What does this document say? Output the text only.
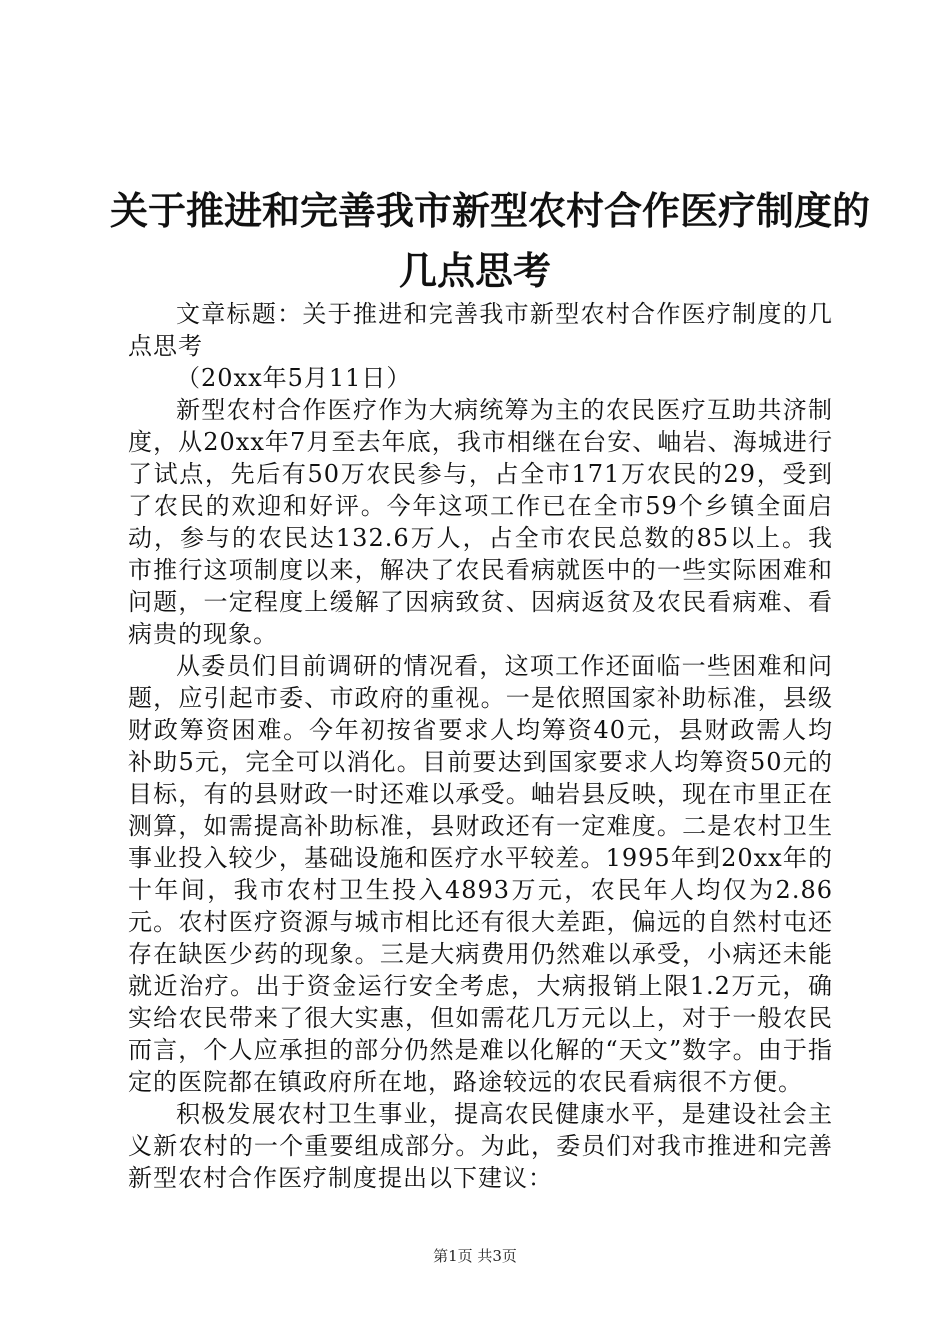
关于推进和完善我市新型农村合作医疗制度的
几点思考

文章标题：关于推进和完善我市新型农村合作医疗制度的几点思考

（20xx年5月11日）

新型农村合作医疗作为大病统筹为主的农民医疗互助共济制度，从20xx年7月至去年底，我市相继在台安、岫岩、海城进行了试点，先后有50万农民参与，占全市171万农民的29，受到了农民的欢迎和好评。今年这项工作已在全市59个乡镇全面启动，参与的农民达132.6万人，占全市农民总数的85以上。我市推行这项制度以来，解决了农民看病就医中的一些实际困难和问题，一定程度上缓解了因病致贫、因病返贫及农民看病难、看病贵的现象。

从委员们目前调研的情况看，这项工作还面临一些困难和问题，应引起市委、市政府的重视。一是依照国家补助标准，县级财政筹资困难。今年初按省要求人均筹资40元，县财政需人均补助5元，完全可以消化。目前要达到国家要求人均筹资50元的目标，有的县财政一时还难以承受。岫岩县反映，现在市里正在测算，如需提高补助标准，县财政还有一定难度。二是农村卫生事业投入较少，基础设施和医疗水平较差。1995年到20xx年的十年间，我市农村卫生投入4893万元，农民年人均仅为2.86元。农村医疗资源与城市相比还有很大差距，偏远的自然村屯还存在缺医少药的现象。三是大病费用仍然难以承受，小病还未能就近治疗。出于资金运行安全考虑，大病报销上限1.2万元，确实给农民带来了很大实惠，但如需花几万元以上，对于一般农民而言，个人应承担的部分仍然是难以化解的“天文”数字。由于指定的医院都在镇政府所在地，路途较远的农民看病很不方便。

积极发展农村卫生事业，提高农民健康水平，是建设社会主义新农村的一个重要组成部分。为此，委员们对我市推进和完善新型农村合作医疗制度提出以下建议：

第1页 共3页
